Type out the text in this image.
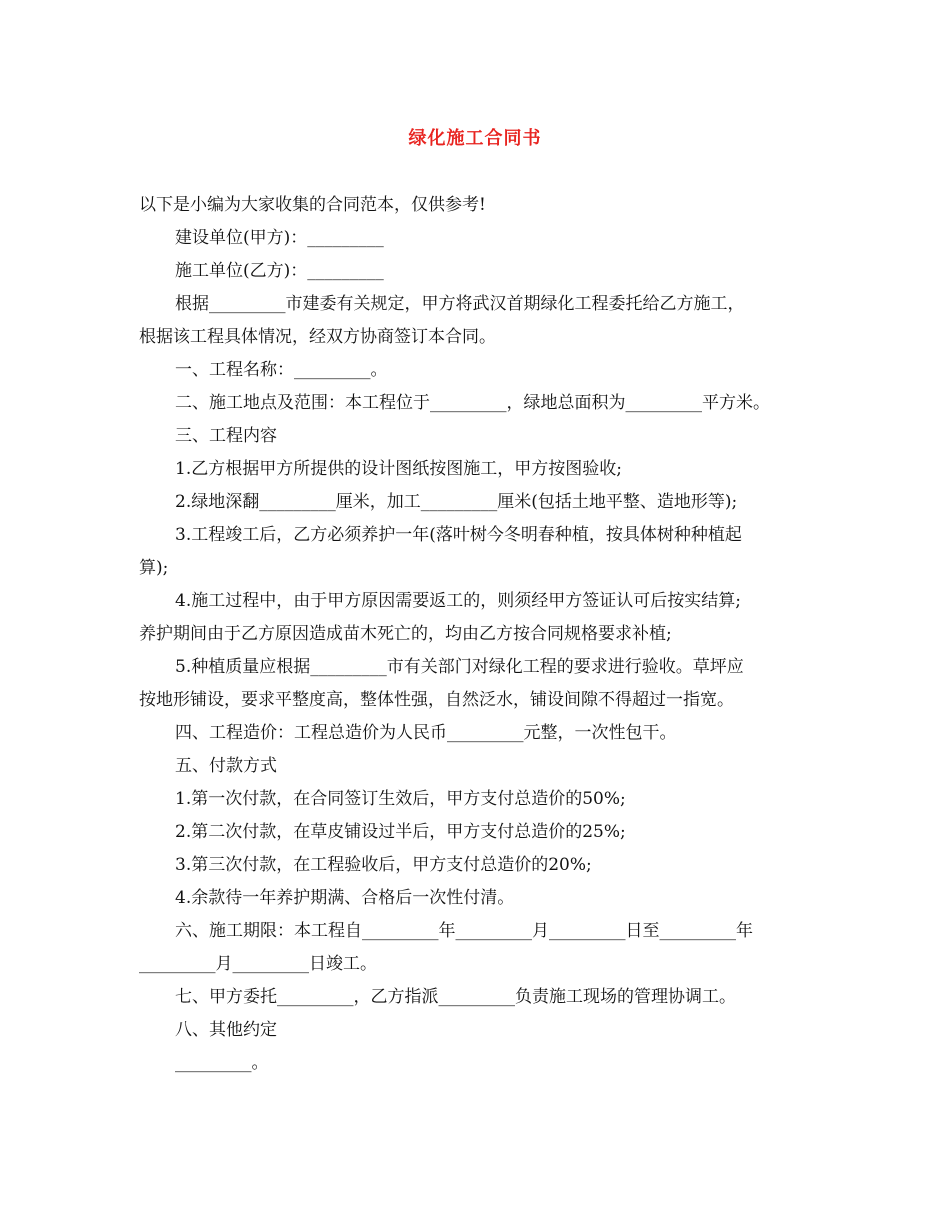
绿化施工合同书
以下是小编为大家收集的合同范本，仅供参考!
建设单位(甲方)：_________
施工单位(乙方)：_________
根据_________市建委有关规定，甲方将武汉首期绿化工程委托给乙方施工，
根据该工程具体情况，经双方协商签订本合同。
一、工程名称：_________。
二、施工地点及范围：本工程位于_________，绿地总面积为_________平方米。
三、工程内容
1.乙方根据甲方所提供的设计图纸按图施工，甲方按图验收;
2.绿地深翻_________厘米，加工_________厘米(包括土地平整、造地形等);
3.工程竣工后，乙方必须养护一年(落叶树今冬明春种植，按具体树种种植起
算);
4.施工过程中，由于甲方原因需要返工的，则须经甲方签证认可后按实结算;
养护期间由于乙方原因造成苗木死亡的，均由乙方按合同规格要求补植;
5.种植质量应根据_________市有关部门对绿化工程的要求进行验收。草坪应
按地形铺设，要求平整度高，整体性强，自然泛水，铺设间隙不得超过一指宽。
四、工程造价：工程总造价为人民币_________元整，一次性包干。
五、付款方式
1.第一次付款，在合同签订生效后，甲方支付总造价的50%;
2.第二次付款，在草皮铺设过半后，甲方支付总造价的25%;
3.第三次付款，在工程验收后，甲方支付总造价的20%;
4.余款待一年养护期满、合格后一次性付清。
六、施工期限：本工程自_________年_________月_________日至_________年
_________月_________日竣工。
七、甲方委托_________，乙方指派_________负责施工现场的管理协调工。
八、其他约定
_________。
